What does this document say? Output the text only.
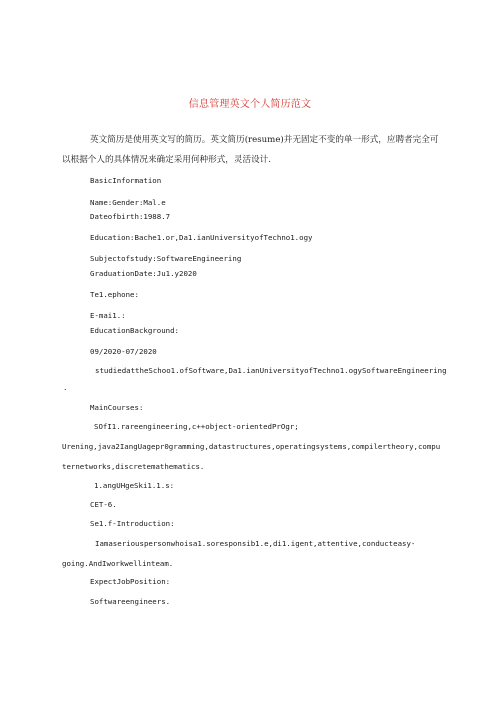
信息管理英文个人简历范文
英文简历是使用英文写的简历。英文简历(resume)并无固定不变的单一形式，应聘者完全可以根据个人的具体情况来确定采用何种形式，灵活设计.
BasicInformation
Name:Gender:Mal.e
Dateofbirth:1988.7
Education:Bache1.or,Da1.ianUniversityofTechno1.ogy
Subjectofstudy:SoftwareEngineering
GraduationDate:Ju1.y2020
Te1.ephone:
E-mai1.:
EducationBackground:
09/2020-07/2020
studiedattheSchoo1.ofSoftware,Da1.ianUniversityofTechno1.ogySoftwareEngineering
.
MainCourses:
SOfI1.rareengineering,c++object-orientedPrOgr;
Urening,java2IangUagepr0gramming,datastructures,operatingsystems,compilertheory,compu
ternetworks,discretemathematics.
1.angUHgeSki1.1.s:
CET-6.
Se1.f-Introduction:
Iamaseriouspersonwhoisa1.soresponsib1.e,di1.igent,attentive,conducteasy-
going.AndIworkwellinteam.
ExpectJobPosition:
Softwareengineers.
